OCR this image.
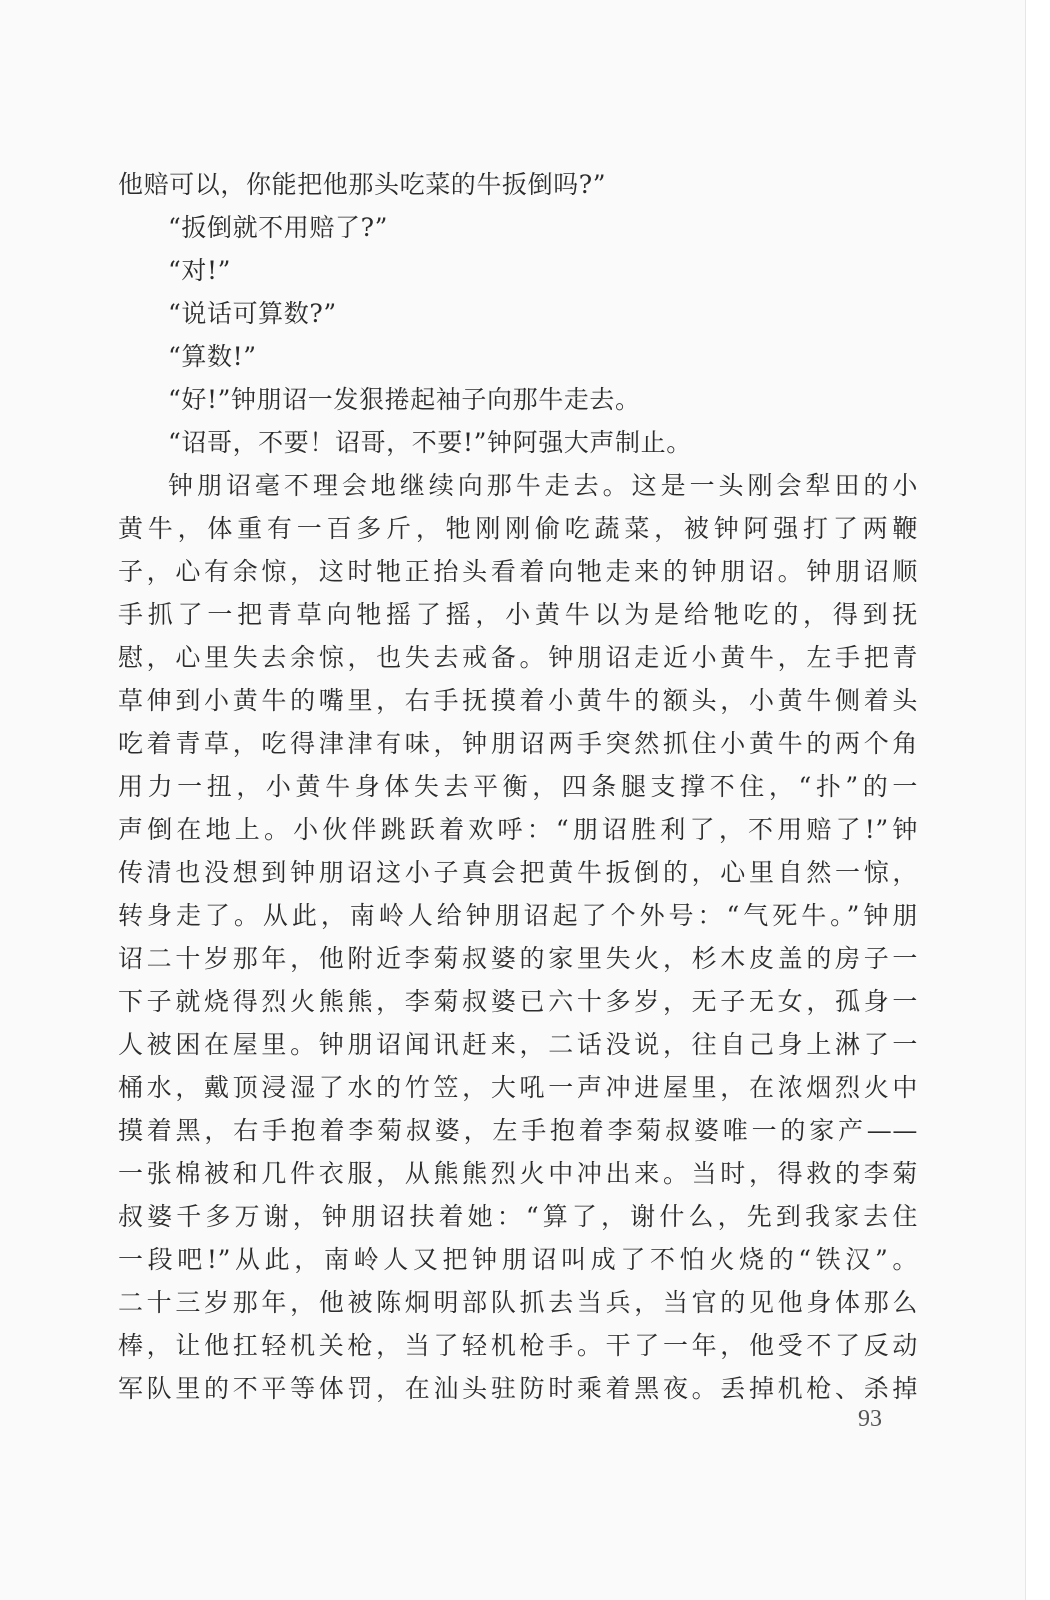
他赔可以，你能把他那头吃菜的牛扳倒吗?”
“扳倒就不用赔了?”
“对!”
“说话可算数?”
“算数!”
“好!”钟朋诏一发狠捲起袖子向那牛走去。
“诏哥，不要！诏哥，不要!”钟阿强大声制止。
钟朋诏毫不理会地继续向那牛走去。这是一头刚会犁田的小
黄牛，体重有一百多斤，牠刚刚偷吃蔬菜，被钟阿强打了两鞭
子，心有余惊，这时牠正抬头看着向牠走来的钟朋诏。钟朋诏顺
手抓了一把青草向牠摇了摇，小黄牛以为是给牠吃的，得到抚
慰，心里失去余惊，也失去戒备。钟朋诏走近小黄牛，左手把青
草伸到小黄牛的嘴里，右手抚摸着小黄牛的额头，小黄牛侧着头
吃着青草，吃得津津有味，钟朋诏两手突然抓住小黄牛的两个角
用力一扭，小黄牛身体失去平衡，四条腿支撑不住，“扑”的一
声倒在地上。小伙伴跳跃着欢呼：“朋诏胜利了，不用赔了!”钟
传清也没想到钟朋诏这小子真会把黄牛扳倒的，心里自然一惊，
转身走了。从此，南岭人给钟朋诏起了个外号：“气死牛。”钟朋
诏二十岁那年，他附近李菊叔婆的家里失火，杉木皮盖的房子一
下子就烧得烈火熊熊，李菊叔婆已六十多岁，无子无女，孤身一
人被困在屋里。钟朋诏闻讯赶来，二话没说，往自己身上淋了一
桶水，戴顶浸湿了水的竹笠，大吼一声冲进屋里，在浓烟烈火中
摸着黑，右手抱着李菊叔婆，左手抱着李菊叔婆唯一的家产——
一张棉被和几件衣服，从熊熊烈火中冲出来。当时，得救的李菊
叔婆千多万谢，钟朋诏扶着她：“算了，谢什么，先到我家去住
一段吧!”从此，南岭人又把钟朋诏叫成了不怕火烧的“铁汉”。
二十三岁那年，他被陈炯明部队抓去当兵，当官的见他身体那么
棒，让他扛轻机关枪，当了轻机枪手。干了一年，他受不了反动
军队里的不平等体罚，在汕头驻防时乘着黑夜。丢掉机枪、杀掉
93
